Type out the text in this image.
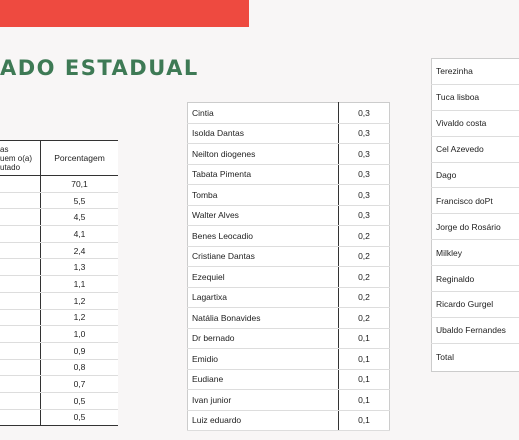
ADO ESTADUAL
as
uem o(a)
utado	Porcentagem
	70,1
	5,5
	4,5
	4,1
	2,4
	1,3
	1,1
	1,2
	1,2
	1,0
	0,9
	0,8
	0,7
	0,5
	0,5
Cintia	0,3
Isolda Dantas	0,3
Neilton diogenes	0,3
Tabata Pimenta	0,3
Tomba	0,3
Walter Alves	0,3
Benes Leocadio	0,2
Cristiane Dantas	0,2
Ezequiel	0,2
Lagartixa	0,2
Natália Bonavides	0,2
Dr bernado	0,1
Emidio	0,1
Eudiane	0,1
Ivan junior	0,1
Luiz eduardo	0,1
Terezinha
Tuca lisboa
Vivaldo costa
Cel Azevedo
Dago
Francisco doPt
Jorge do Rosário
Milkley
Reginaldo
Ricardo Gurgel
Ubaldo Fernandes
Total
